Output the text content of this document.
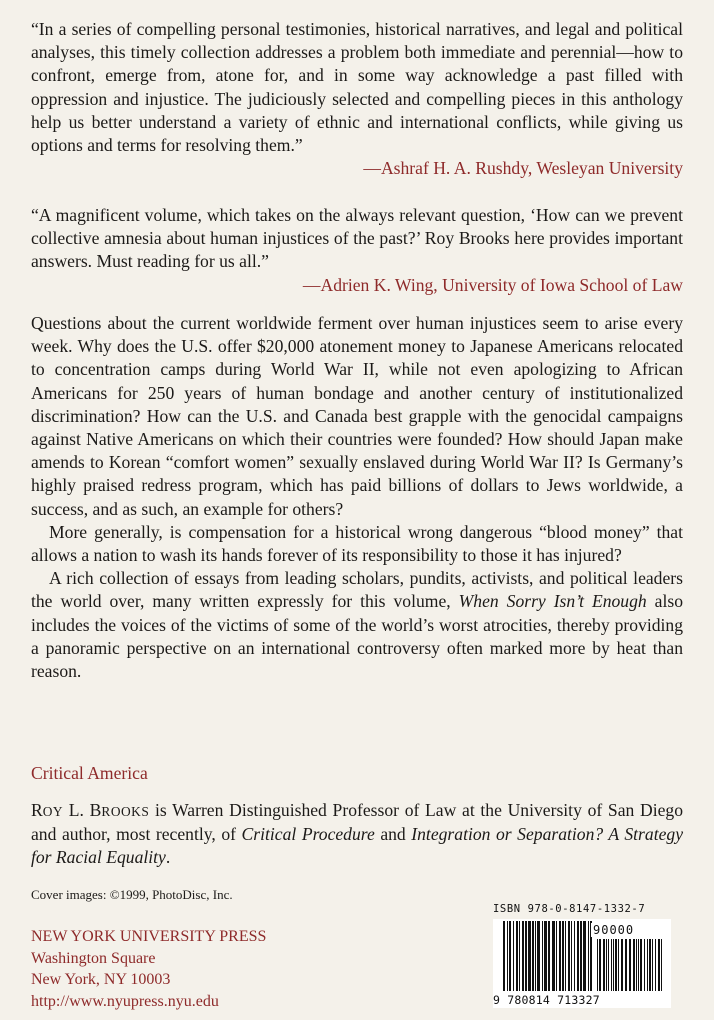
“In a series of compelling personal testimonies, historical narratives, and legal and political analyses, this timely collection addresses a problem both immediate and perennial—how to confront, emerge from, atone for, and in some way acknowledge a past filled with oppression and injustice. The judiciously selected and compelling pieces in this anthology help us better understand a variety of ethnic and international conflicts, while giving us options and terms for resolving them.”

—Ashraf H. A. Rushdy, Wesleyan University

“A magnificent volume, which takes on the always relevant question, ‘How can we prevent collective amnesia about human injustices of the past?’ Roy Brooks here provides important answers. Must reading for us all.”

—Adrien K. Wing, University of Iowa School of Law

Questions about the current worldwide ferment over human injustices seem to arise every week. Why does the U.S. offer $20,000 atonement money to Japanese Americans relocated to concentration camps during World War II, while not even apologizing to African Americans for 250 years of human bondage and another century of institutionalized discrimination? How can the U.S. and Canada best grapple with the genocidal campaigns against Native Americans on which their countries were founded? How should Japan make amends to Korean “comfort women” sexually enslaved during World War II? Is Germany’s highly praised redress program, which has paid billions of dollars to Jews worldwide, a success, and as such, an example for others?

More generally, is compensation for a historical wrong dangerous “blood money” that allows a nation to wash its hands forever of its responsibility to those it has injured?

A rich collection of essays from leading scholars, pundits, activists, and political leaders the world over, many written expressly for this volume, When Sorry Isn’t Enough also includes the voices of the victims of some of the world’s worst atrocities, thereby providing a panoramic perspective on an international controversy often marked more by heat than reason.

Critical America

ROY L. BROOKS is Warren Distinguished Professor of Law at the University of San Diego and author, most recently, of Critical Procedure and Integration or Separation? A Strategy for Racial Equality.

Cover images: ©1999, PhotoDisc, Inc.
NEW YORK UNIVERSITY PRESS
Washington Square
New York, NY 10003
http://www.nyupress.nyu.edu
ISBN 978-0-8147-1332-7
90000
9 780814 713327
